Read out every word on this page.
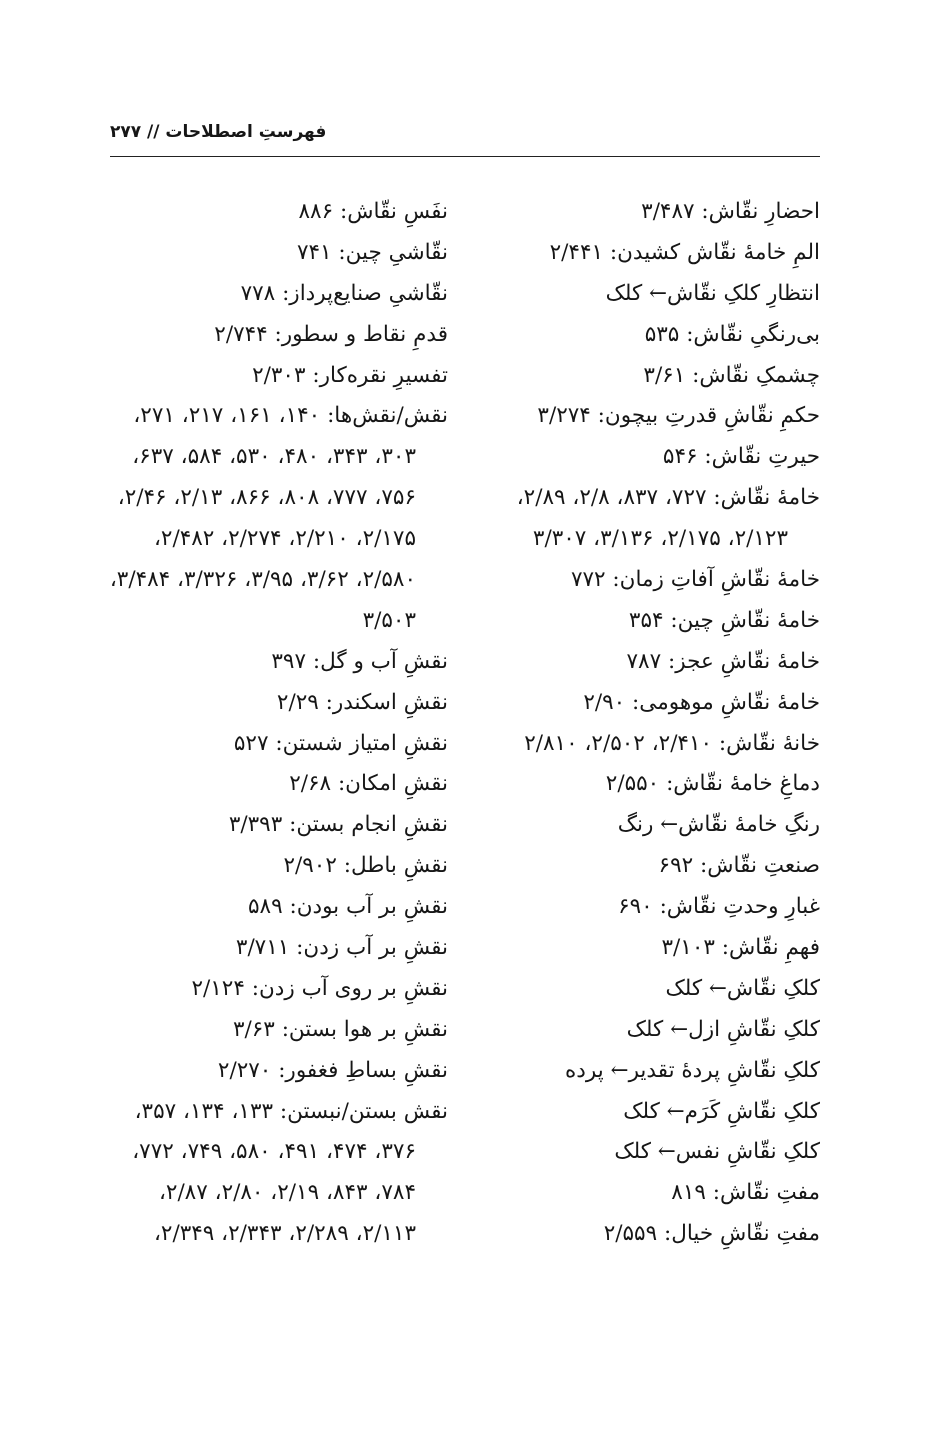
فهرستِ اصطلاحات // ۲۷۷
احضارِ نقّاش: ۳/۴۸۷
المِ خامهٔ نقّاش کشیدن: ۲/۴۴۱
انتظارِ کلکِ نقّاش← کلک
بی‌رنگیِ نقّاش: ۵۳۵
چشمکِ نقّاش: ۳/۶۱
حکمِ نقّاشِ قدرتِ بیچون: ۳/۲۷۴
حیرتِ نقّاش: ۵۴۶
خامهٔ نقّاش: ۷۲۷، ۸۳۷، ۲/۸، ۲/۸۹،
۲/۱۲۳، ۲/۱۷۵، ۳/۱۳۶، ۳/۳۰۷
خامهٔ نقّاشِ آفاتِ زمان: ۷۷۲
خامهٔ نقّاشِ چین: ۳۵۴
خامهٔ نقّاشِ عجز: ۷۸۷
خامهٔ نقّاشِ موهومی: ۲/۹۰
خانهٔ نقّاش: ۲/۴۱۰، ۲/۵۰۲، ۲/۸۱۰
دماغِ خامهٔ نقّاش: ۲/۵۵۰
رنگِ خامهٔ نقّاش← رنگ
صنعتِ نقّاش: ۶۹۲
غبارِ وحدتِ نقّاش: ۶۹۰
فهمِ نقّاش: ۳/۱۰۳
کلکِ نقّاش← کلک
کلکِ نقّاشِ ازل← کلک
کلکِ نقّاشِ پردهٔ تقدیر← پرده
کلکِ نقّاشِ کَرَم← کلک
کلکِ نقّاشِ نفس← کلک
مفتِ نقّاش: ۸۱۹
مفتِ نقّاشِ خیال: ۲/۵۵۹
نفَسِ نقّاش: ۸۸۶
نقّاشیِ چین: ۷۴۱
نقّاشیِ صنایع‌پرداز: ۷۷۸
قدمِ نقاط و سطور: ۲/۷۴۴
تفسیرِ نقره‌کار: ۲/۳۰۳
نقش/نقش‌ها: ۱۴۰، ۱۶۱، ۲۱۷، ۲۷۱،
۳۰۳، ۳۴۳، ۴۸۰، ۵۳۰، ۵۸۴، ۶۳۷،
۷۵۶، ۷۷۷، ۸۰۸، ۸۶۶، ۲/۱۳، ۲/۴۶،
۲/۱۷۵، ۲/۲۱۰، ۲/۲۷۴، ۲/۴۸۲،
۲/۵۸۰، ۳/۶۲، ۳/۹۵، ۳/۳۲۶، ۳/۴۸۴،
۳/۵۰۳
نقشِ آب و گل: ۳۹۷
نقشِ اسکندر: ۲/۲۹
نقشِ امتیاز شستن: ۵۲۷
نقشِ امکان: ۲/۶۸
نقشِ انجام بستن: ۳/۳۹۳
نقشِ باطل: ۲/۹۰۲
نقشِ بر آب بودن: ۵۸۹
نقشِ بر آب زدن: ۳/۷۱۱
نقشِ بر روی آب زدن: ۲/۱۲۴
نقشِ بر هوا بستن: ۳/۶۳
نقشِ بساطِ فغفور: ۲/۲۷۰
نقش بستن/نبستن: ۱۳۳، ۱۳۴، ۳۵۷،
۳۷۶، ۴۷۴، ۴۹۱، ۵۸۰، ۷۴۹، ۷۷۲،
۷۸۴، ۸۴۳، ۲/۱۹، ۲/۸۰، ۲/۸۷،
۲/۱۱۳، ۲/۲۸۹، ۲/۳۴۳، ۲/۳۴۹،
